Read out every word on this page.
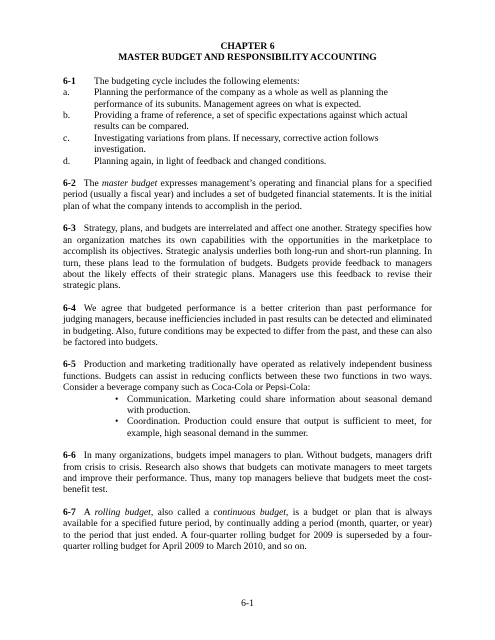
CHAPTER 6
MASTER BUDGET AND RESPONSIBILITY ACCOUNTING
6-1	The budgeting cycle includes the following elements:
a.	Planning the performance of the company as a whole as well as planning the performance of its subunits. Management agrees on what is expected.
b.	Providing a frame of reference, a set of specific expectations against which actual results can be compared.
c.	Investigating variations from plans. If necessary, corrective action follows investigation.
d.	Planning again, in light of feedback and changed conditions.

6-2 The master budget expresses management’s operating and financial plans for a specified period (usually a fiscal year) and includes a set of budgeted financial statements. It is the initial plan of what the company intends to accomplish in the period.

6-3 Strategy, plans, and budgets are interrelated and affect one another. Strategy specifies how an organization matches its own capabilities with the opportunities in the marketplace to accomplish its objectives. Strategic analysis underlies both long-run and short-run planning. In turn, these plans lead to the formulation of budgets. Budgets provide feedback to managers about the likely effects of their strategic plans. Managers use this feedback to revise their strategic plans.

6-4 We agree that budgeted performance is a better criterion than past performance for judging managers, because inefficiencies included in past results can be detected and eliminated in budgeting. Also, future conditions may be expected to differ from the past, and these can also be factored into budgets.

6-5 Production and marketing traditionally have operated as relatively independent business functions. Budgets can assist in reducing conflicts between these two functions in two ways. Consider a beverage company such as Coca-Cola or Pepsi-Cola:
• Communication. Marketing could share information about seasonal demand with production.
• Coordination. Production could ensure that output is sufficient to meet, for example, high seasonal demand in the summer.

6-6 In many organizations, budgets impel managers to plan. Without budgets, managers drift from crisis to crisis. Research also shows that budgets can motivate managers to meet targets and improve their performance. Thus, many top managers believe that budgets meet the cost-benefit test.

6-7 A rolling budget, also called a continuous budget, is a budget or plan that is always available for a specified future period, by continually adding a period (month, quarter, or year) to the period that just ended. A four-quarter rolling budget for 2009 is superseded by a four-quarter rolling budget for April 2009 to March 2010, and so on.

6-1
